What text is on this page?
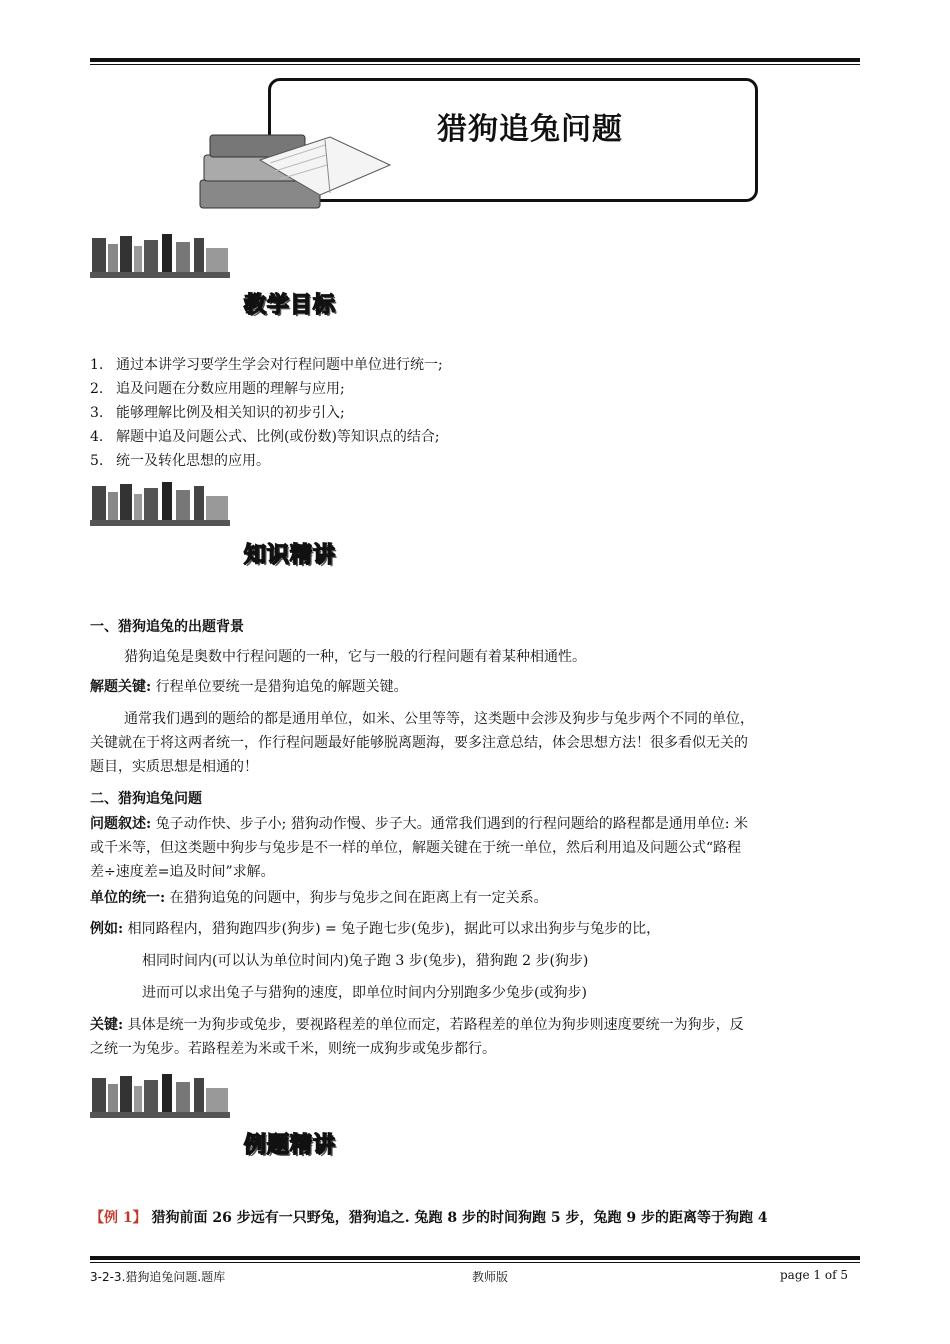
猎狗追兔问题
教学目标
1. 通过本讲学习要学生学会对行程问题中单位进行统一;
2. 追及问题在分数应用题的理解与应用;
3. 能够理解比例及相关知识的初步引入;
4. 解题中追及问题公式、比例(或份数)等知识点的结合;
5. 统一及转化思想的应用。
知识精讲
一、猎狗追兔的出题背景
猎狗追兔是奥数中行程问题的一种，它与一般的行程问题有着某种相通性。
解题关键: 行程单位要统一是猎狗追兔的解题关键。
通常我们遇到的题给的都是通用单位，如米、公里等等，这类题中会涉及狗步与兔步两个不同的单位，
关键就在于将这两者统一，作行程问题最好能够脱离题海，要多注意总结，体会思想方法！很多看似无关的
题目，实质思想是相通的！
二、猎狗追兔问题
问题叙述: 兔子动作快、步子小; 猎狗动作慢、步子大。通常我们遇到的行程问题给的路程都是通用单位: 米
或千米等，但这类题中狗步与兔步是不一样的单位，解题关键在于统一单位，然后利用追及问题公式“路程
差÷速度差=追及时间”求解。
单位的统一: 在猎狗追兔的问题中，狗步与兔步之间在距离上有一定关系。
例如: 相同路程内，猎狗跑四步(狗步) = 兔子跑七步(兔步)，据此可以求出狗步与兔步的比，
相同时间内(可以认为单位时间内)兔子跑 3 步(兔步)，猎狗跑 2 步(狗步)
进而可以求出兔子与猎狗的速度，即单位时间内分别跑多少兔步(或狗步)
关键: 具体是统一为狗步或兔步，要视路程差的单位而定，若路程差的单位为狗步则速度要统一为狗步，反
之统一为兔步。若路程差为米或千米，则统一成狗步或兔步都行。
例题精讲
【例 1】 猎狗前面 26 步远有一只野兔，猎狗追之. 兔跑 8 步的时间狗跑 5 步，兔跑 9 步的距离等于狗跑 4
3-2-3.猎狗追兔问题.题库	教师版	page 1 of 5
